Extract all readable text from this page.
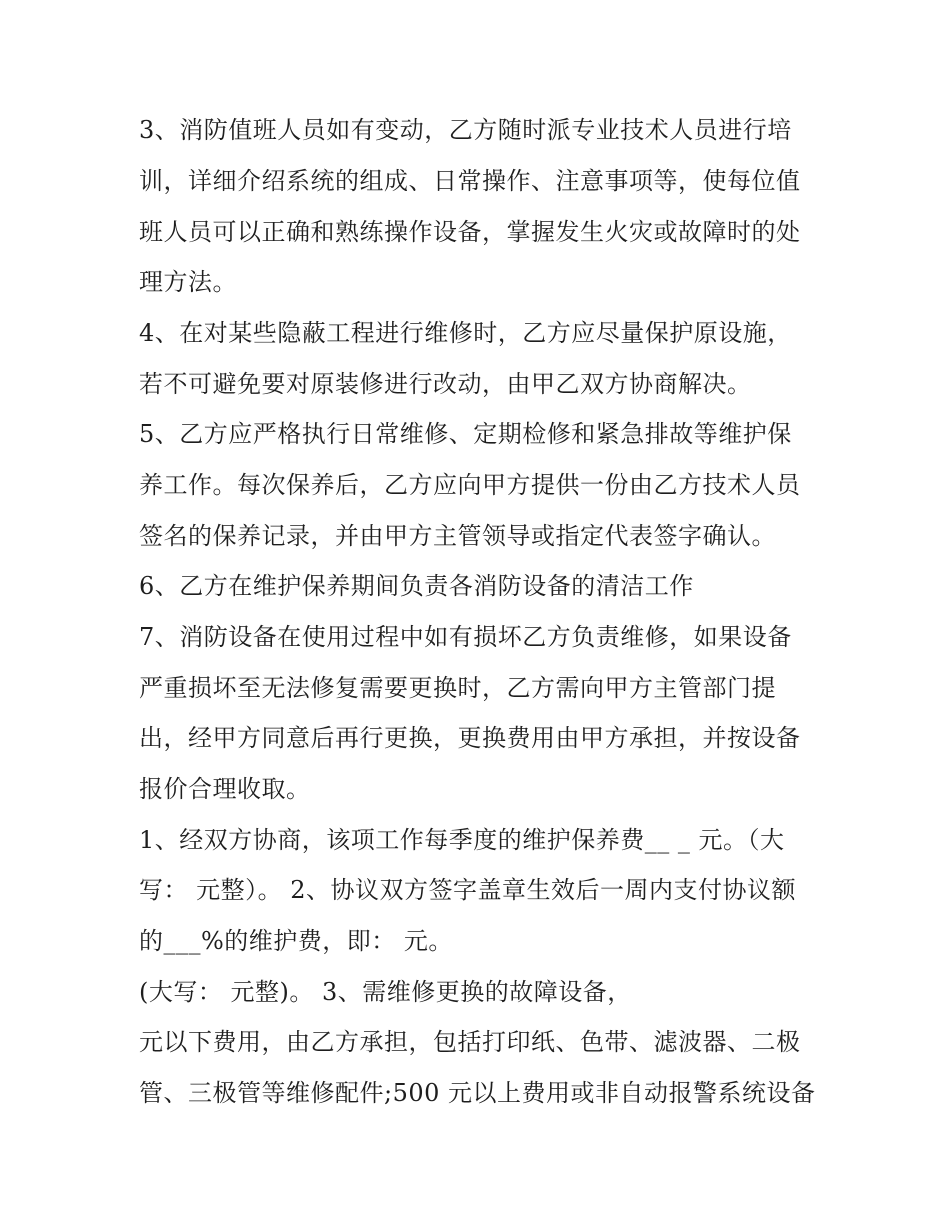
3、消防值班人员如有变动，乙方随时派专业技术人员进行培
训，详细介绍系统的组成、日常操作、注意事项等，使每位值
班人员可以正确和熟练操作设备，掌握发生火灾或故障时的处
理方法。
4、在对某些隐蔽工程进行维修时，乙方应尽量保护原设施，
若不可避免要对原装修进行改动，由甲乙双方协商解决。
5、乙方应严格执行日常维修、定期检修和紧急排故等维护保
养工作。每次保养后，乙方应向甲方提供一份由乙方技术人员
签名的保养记录，并由甲方主管领导或指定代表签字确认。
6、乙方在维护保养期间负责各消防设备的清洁工作
7、消防设备在使用过程中如有损坏乙方负责维修，如果设备
严重损坏至无法修复需要更换时，乙方需向甲方主管部门提
出，经甲方同意后再行更换，更换费用由甲方承担，并按设备
报价合理收取。
1、经双方协商，该项工作每季度的维护保养费__ _ 元。（大
写： 元整）。 2、协议双方签字盖章生效后一周内支付协议额
的___%的维护费，即： 元。
(大写： 元整)。 3、需维修更换的故障设备，
元以下费用，由乙方承担，包括打印纸、色带、滤波器、二极
管、三极管等维修配件;500 元以上费用或非自动报警系统设备
